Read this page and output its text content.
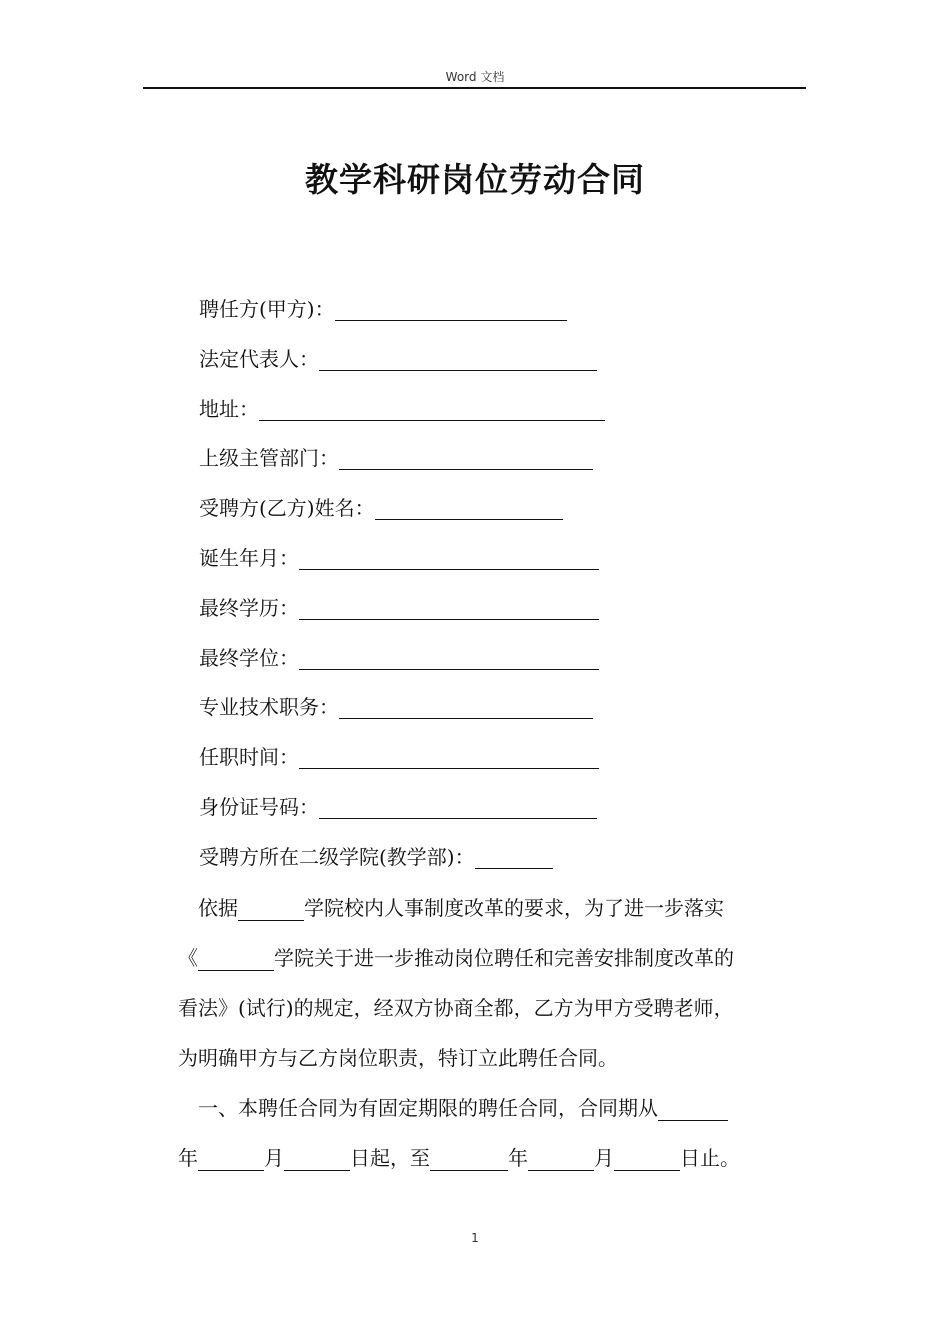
Word 文档
教学科研岗位劳动合同
聘任方(甲方)：
法定代表人：
地址：
上级主管部门：
受聘方(乙方)姓名：
诞生年月：
最终学历：
最终学位：
专业技术职务：
任职时间：
身份证号码：
受聘方所在二级学院(教学部)：
依据	学院校内人事制度改革的要求，为了进一步落实
《	学院关于进一步推动岗位聘任和完善安排制度改革的
看法》(试行)的规定，经双方协商全都，乙方为甲方受聘老师，
为明确甲方与乙方岗位职责，特订立此聘任合同。
一、本聘任合同为有固定期限的聘任合同，合同期从
年	月	日起，至	年	月	日止。
1
